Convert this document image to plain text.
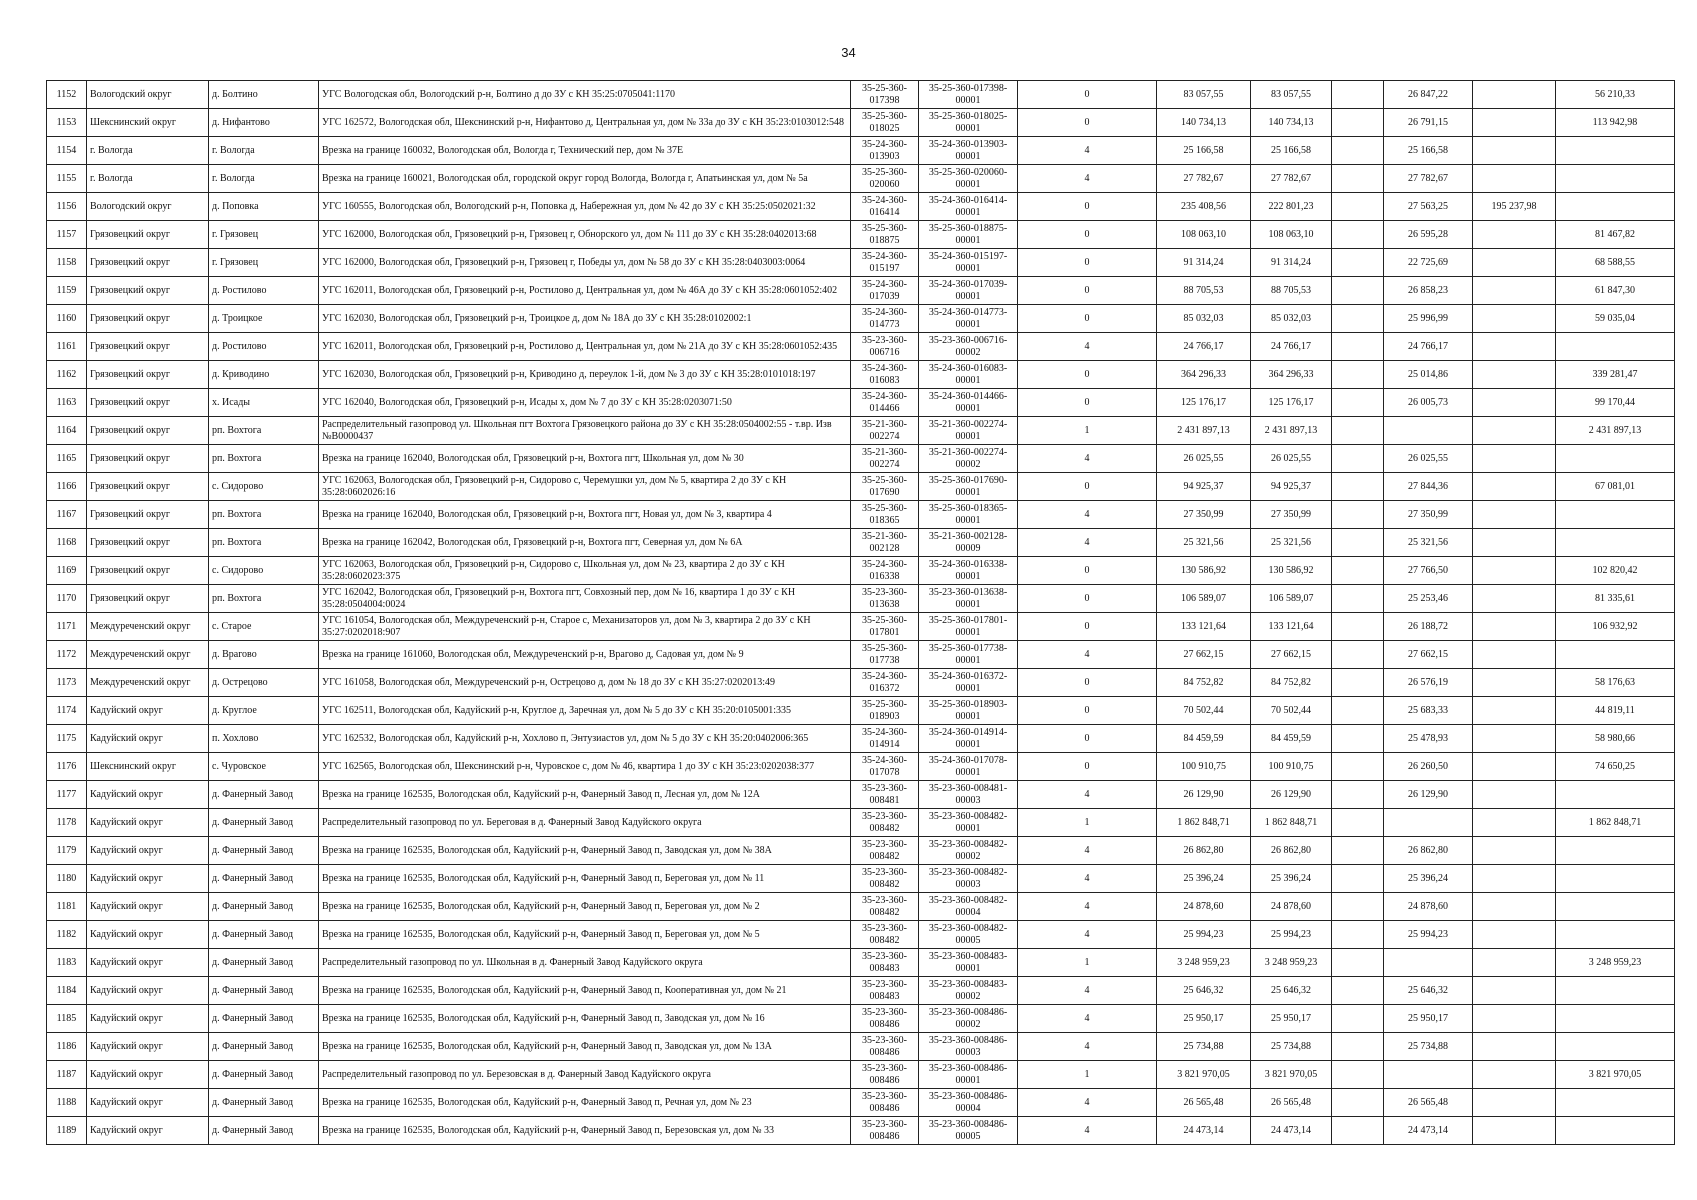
34
1152	Вологодский округ	д. Болтино	УГС Вологодская обл, Вологодский р-н, Болтино д до ЗУ с КН 35:25:0705041:1170	35-25-360-017398	35-25-360-017398-00001	0	83 057,55	83 057,55		26 847,22		56 210,33
1153	Шекснинский округ	д. Нифантово	УГС 162572, Вологодская обл, Шекснинский р-н, Нифантово д, Центральная ул, дом № 33а до ЗУ с КН 35:23:0103012:548	35-25-360-018025	35-25-360-018025-00001	0	140 734,13	140 734,13		26 791,15		113 942,98
1154	г. Вологда	г. Вологда	Врезка на границе 160032, Вологодская обл, Вологда г, Технический пер, дом № 37Е	35-24-360-013903	35-24-360-013903-00001	4	25 166,58	25 166,58		25 166,58		
1155	г. Вологда	г. Вологда	Врезка на границе 160021, Вологодская обл, городской округ город Вологда, Вологда г, Апатьинская ул, дом № 5а	35-25-360-020060	35-25-360-020060-00001	4	27 782,67	27 782,67		27 782,67		
1156	Вологодский округ	д. Поповка	УГС 160555, Вологодская обл, Вологодский р-н, Поповка д, Набережная ул, дом № 42 до ЗУ с КН 35:25:0502021:32	35-24-360-016414	35-24-360-016414-00001	0	235 408,56	222 801,23		27 563,25	195 237,98	
1157	Грязовецкий округ	г. Грязовец	УГС 162000, Вологодская обл, Грязовецкий р-н, Грязовец г, Обнорского ул, дом № 111 до ЗУ с КН 35:28:0402013:68	35-25-360-018875	35-25-360-018875-00001	0	108 063,10	108 063,10		26 595,28		81 467,82
1158	Грязовецкий округ	г. Грязовец	УГС 162000, Вологодская обл, Грязовецкий р-н, Грязовец г, Победы ул, дом № 58 до ЗУ с КН 35:28:0403003:0064	35-24-360-015197	35-24-360-015197-00001	0	91 314,24	91 314,24		22 725,69		68 588,55
1159	Грязовецкий округ	д. Ростилово	УГС 162011, Вологодская обл, Грязовецкий р-н, Ростилово д, Центральная ул, дом № 46А до ЗУ с КН 35:28:0601052:402	35-24-360-017039	35-24-360-017039-00001	0	88 705,53	88 705,53		26 858,23		61 847,30
1160	Грязовецкий округ	д. Троицкое	УГС 162030, Вологодская обл, Грязовецкий р-н, Троицкое д, дом № 18А до ЗУ с КН 35:28:0102002:1	35-24-360-014773	35-24-360-014773-00001	0	85 032,03	85 032,03		25 996,99		59 035,04
1161	Грязовецкий округ	д. Ростилово	УГС 162011, Вологодская обл, Грязовецкий р-н, Ростилово д, Центральная ул, дом № 21А до ЗУ с КН 35:28:0601052:435	35-23-360-006716	35-23-360-006716-00002	4	24 766,17	24 766,17		24 766,17		
1162	Грязовецкий округ	д. Криводино	УГС 162030, Вологодская обл, Грязовецкий р-н, Криводино д, переулок 1-й, дом № 3 до ЗУ с КН 35:28:0101018:197	35-24-360-016083	35-24-360-016083-00001	0	364 296,33	364 296,33		25 014,86		339 281,47
1163	Грязовецкий округ	х. Исады	УГС 162040, Вологодская обл, Грязовецкий р-н, Исады х, дом № 7 до ЗУ с КН 35:28:0203071:50	35-24-360-014466	35-24-360-014466-00001	0	125 176,17	125 176,17		26 005,73		99 170,44
1164	Грязовецкий округ	рп. Вохтога	Распределительный газопровод ул. Школьная пгт Вохтога Грязовецкого района до ЗУ с КН 35:28:0504002:55 - т.вр. Изв №В0000437	35-21-360-002274	35-21-360-002274-00001	1	2 431 897,13	2 431 897,13				2 431 897,13
1165	Грязовецкий округ	рп. Вохтога	Врезка на границе 162040, Вологодская обл, Грязовецкий р-н, Вохтога пгт, Школьная ул, дом № 30	35-21-360-002274	35-21-360-002274-00002	4	26 025,55	26 025,55		26 025,55		
1166	Грязовецкий округ	с. Сидорово	УГС 162063, Вологодская обл, Грязовецкий р-н, Сидорово с, Черемушки ул, дом № 5, квартира 2 до ЗУ с КН 35:28:0602026:16	35-25-360-017690	35-25-360-017690-00001	0	94 925,37	94 925,37		27 844,36		67 081,01
1167	Грязовецкий округ	рп. Вохтога	Врезка на границе 162040, Вологодская обл, Грязовецкий р-н, Вохтога пгт, Новая ул, дом № 3, квартира 4	35-25-360-018365	35-25-360-018365-00001	4	27 350,99	27 350,99		27 350,99		
1168	Грязовецкий округ	рп. Вохтога	Врезка на границе 162042, Вологодская обл, Грязовецкий р-н, Вохтога пгт, Северная ул, дом № 6А	35-21-360-002128	35-21-360-002128-00009	4	25 321,56	25 321,56		25 321,56		
1169	Грязовецкий округ	с. Сидорово	УГС 162063, Вологодская обл, Грязовецкий р-н, Сидорово с, Школьная ул, дом № 23, квартира 2 до ЗУ с КН 35:28:0602023:375	35-24-360-016338	35-24-360-016338-00001	0	130 586,92	130 586,92		27 766,50		102 820,42
1170	Грязовецкий округ	рп. Вохтога	УГС 162042, Вологодская обл, Грязовецкий р-н, Вохтога пгт, Совхозный пер, дом № 16, квартира 1 до ЗУ с КН 35:28:0504004:0024	35-23-360-013638	35-23-360-013638-00001	0	106 589,07	106 589,07		25 253,46		81 335,61
1171	Междуреченский округ	с. Старое	УГС 161054, Вологодская обл, Междуреченский р-н, Старое с, Механизаторов ул, дом № 3, квартира 2 до ЗУ с КН 35:27:0202018:907	35-25-360-017801	35-25-360-017801-00001	0	133 121,64	133 121,64		26 188,72		106 932,92
1172	Междуреченский округ	д. Врагово	Врезка на границе 161060, Вологодская обл, Междуреченский р-н, Врагово д, Садовая ул, дом № 9	35-25-360-017738	35-25-360-017738-00001	4	27 662,15	27 662,15		27 662,15		
1173	Междуреченский округ	д. Острецово	УГС 161058, Вологодская обл, Междуреченский р-н, Острецово д, дом № 18 до ЗУ с КН 35:27:0202013:49	35-24-360-016372	35-24-360-016372-00001	0	84 752,82	84 752,82		26 576,19		58 176,63
1174	Кадуйский округ	д. Круглое	УГС 162511, Вологодская обл, Кадуйский р-н, Круглое д, Заречная ул, дом № 5 до ЗУ с КН 35:20:0105001:335	35-25-360-018903	35-25-360-018903-00001	0	70 502,44	70 502,44		25 683,33		44 819,11
1175	Кадуйский округ	п. Хохлово	УГС 162532, Вологодская обл, Кадуйский р-н, Хохлово п, Энтузиастов ул, дом № 5 до ЗУ с КН 35:20:0402006:365	35-24-360-014914	35-24-360-014914-00001	0	84 459,59	84 459,59		25 478,93		58 980,66
1176	Шекснинский округ	с. Чуровское	УГС 162565, Вологодская обл, Шекснинский р-н, Чуровское с, дом № 46, квартира 1 до ЗУ с КН 35:23:0202038:377	35-24-360-017078	35-24-360-017078-00001	0	100 910,75	100 910,75		26 260,50		74 650,25
1177	Кадуйский округ	д. Фанерный Завод	Врезка на границе 162535, Вологодская обл, Кадуйский р-н, Фанерный Завод п, Лесная ул, дом № 12А	35-23-360-008481	35-23-360-008481-00003	4	26 129,90	26 129,90		26 129,90		
1178	Кадуйский округ	д. Фанерный Завод	Распределительный газопровод по ул. Береговая в д. Фанерный Завод Кадуйского округа	35-23-360-008482	35-23-360-008482-00001	1	1 862 848,71	1 862 848,71				1 862 848,71
1179	Кадуйский округ	д. Фанерный Завод	Врезка на границе 162535, Вологодская обл, Кадуйский р-н, Фанерный Завод п, Заводская ул, дом № 38А	35-23-360-008482	35-23-360-008482-00002	4	26 862,80	26 862,80		26 862,80		
1180	Кадуйский округ	д. Фанерный Завод	Врезка на границе 162535, Вологодская обл, Кадуйский р-н, Фанерный Завод п, Береговая ул, дом № 11	35-23-360-008482	35-23-360-008482-00003	4	25 396,24	25 396,24		25 396,24		
1181	Кадуйский округ	д. Фанерный Завод	Врезка на границе 162535, Вологодская обл, Кадуйский р-н, Фанерный Завод п, Береговая ул, дом № 2	35-23-360-008482	35-23-360-008482-00004	4	24 878,60	24 878,60		24 878,60		
1182	Кадуйский округ	д. Фанерный Завод	Врезка на границе 162535, Вологодская обл, Кадуйский р-н, Фанерный Завод п, Береговая ул, дом № 5	35-23-360-008482	35-23-360-008482-00005	4	25 994,23	25 994,23		25 994,23		
1183	Кадуйский округ	д. Фанерный Завод	Распределительный газопровод по ул. Школьная в д. Фанерный Завод Кадуйского округа	35-23-360-008483	35-23-360-008483-00001	1	3 248 959,23	3 248 959,23				3 248 959,23
1184	Кадуйский округ	д. Фанерный Завод	Врезка на границе 162535, Вологодская обл, Кадуйский р-н, Фанерный Завод п, Кооперативная ул, дом № 21	35-23-360-008483	35-23-360-008483-00002	4	25 646,32	25 646,32		25 646,32		
1185	Кадуйский округ	д. Фанерный Завод	Врезка на границе 162535, Вологодская обл, Кадуйский р-н, Фанерный Завод п, Заводская ул, дом № 16	35-23-360-008486	35-23-360-008486-00002	4	25 950,17	25 950,17		25 950,17		
1186	Кадуйский округ	д. Фанерный Завод	Врезка на границе 162535, Вологодская обл, Кадуйский р-н, Фанерный Завод п, Заводская ул, дом № 13А	35-23-360-008486	35-23-360-008486-00003	4	25 734,88	25 734,88		25 734,88		
1187	Кадуйский округ	д. Фанерный Завод	Распределительный газопровод по ул. Березовская в д. Фанерный Завод Кадуйского округа	35-23-360-008486	35-23-360-008486-00001	1	3 821 970,05	3 821 970,05				3 821 970,05
1188	Кадуйский округ	д. Фанерный Завод	Врезка на границе 162535, Вологодская обл, Кадуйский р-н, Фанерный Завод п, Речная ул, дом № 23	35-23-360-008486	35-23-360-008486-00004	4	26 565,48	26 565,48		26 565,48		
1189	Кадуйский округ	д. Фанерный Завод	Врезка на границе 162535, Вологодская обл, Кадуйский р-н, Фанерный Завод п, Березовская ул, дом № 33	35-23-360-008486	35-23-360-008486-00005	4	24 473,14	24 473,14		24 473,14		
